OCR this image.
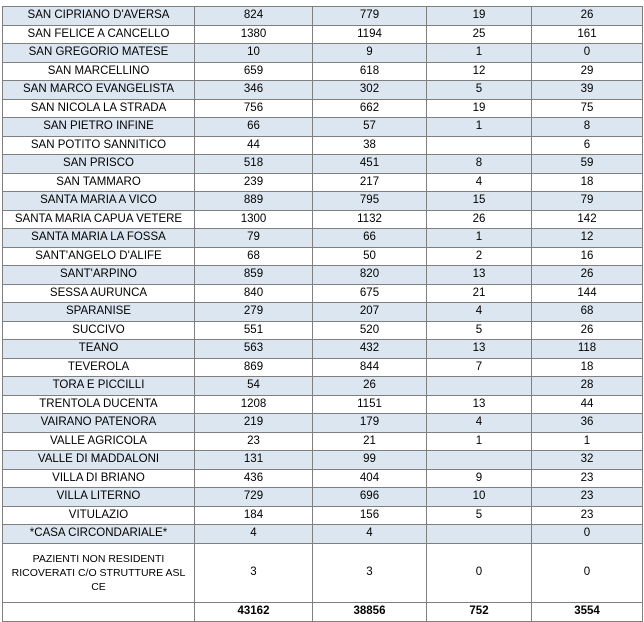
SAN CIPRIANO D'AVERSA	824	779	19	26
SAN FELICE A CANCELLO	1380	1194	25	161
SAN GREGORIO MATESE	10	9	1	0
SAN MARCELLINO	659	618	12	29
SAN MARCO EVANGELISTA	346	302	5	39
SAN NICOLA LA STRADA	756	662	19	75
SAN PIETRO INFINE	66	57	1	8
SAN POTITO SANNITICO	44	38		6
SAN PRISCO	518	451	8	59
SAN TAMMARO	239	217	4	18
SANTA MARIA A VICO	889	795	15	79
SANTA MARIA CAPUA VETERE	1300	1132	26	142
SANTA MARIA LA FOSSA	79	66	1	12
SANT'ANGELO D'ALIFE	68	50	2	16
SANT'ARPINO	859	820	13	26
SESSA AURUNCA	840	675	21	144
SPARANISE	279	207	4	68
SUCCIVO	551	520	5	26
TEANO	563	432	13	118
TEVEROLA	869	844	7	18
TORA E PICCILLI	54	26		28
TRENTOLA DUCENTA	1208	1151	13	44
VAIRANO PATENORA	219	179	4	36
VALLE AGRICOLA	23	21	1	1
VALLE DI MADDALONI	131	99		32
VILLA DI BRIANO	436	404	9	23
VILLA LITERNO	729	696	10	23
VITULAZIO	184	156	5	23
*CASA CIRCONDARIALE*	4	4		0
PAZIENTI NON RESIDENTI RICOVERATI C/O STRUTTURE ASL CE	3	3	0	0
	43162	38856	752	3554
